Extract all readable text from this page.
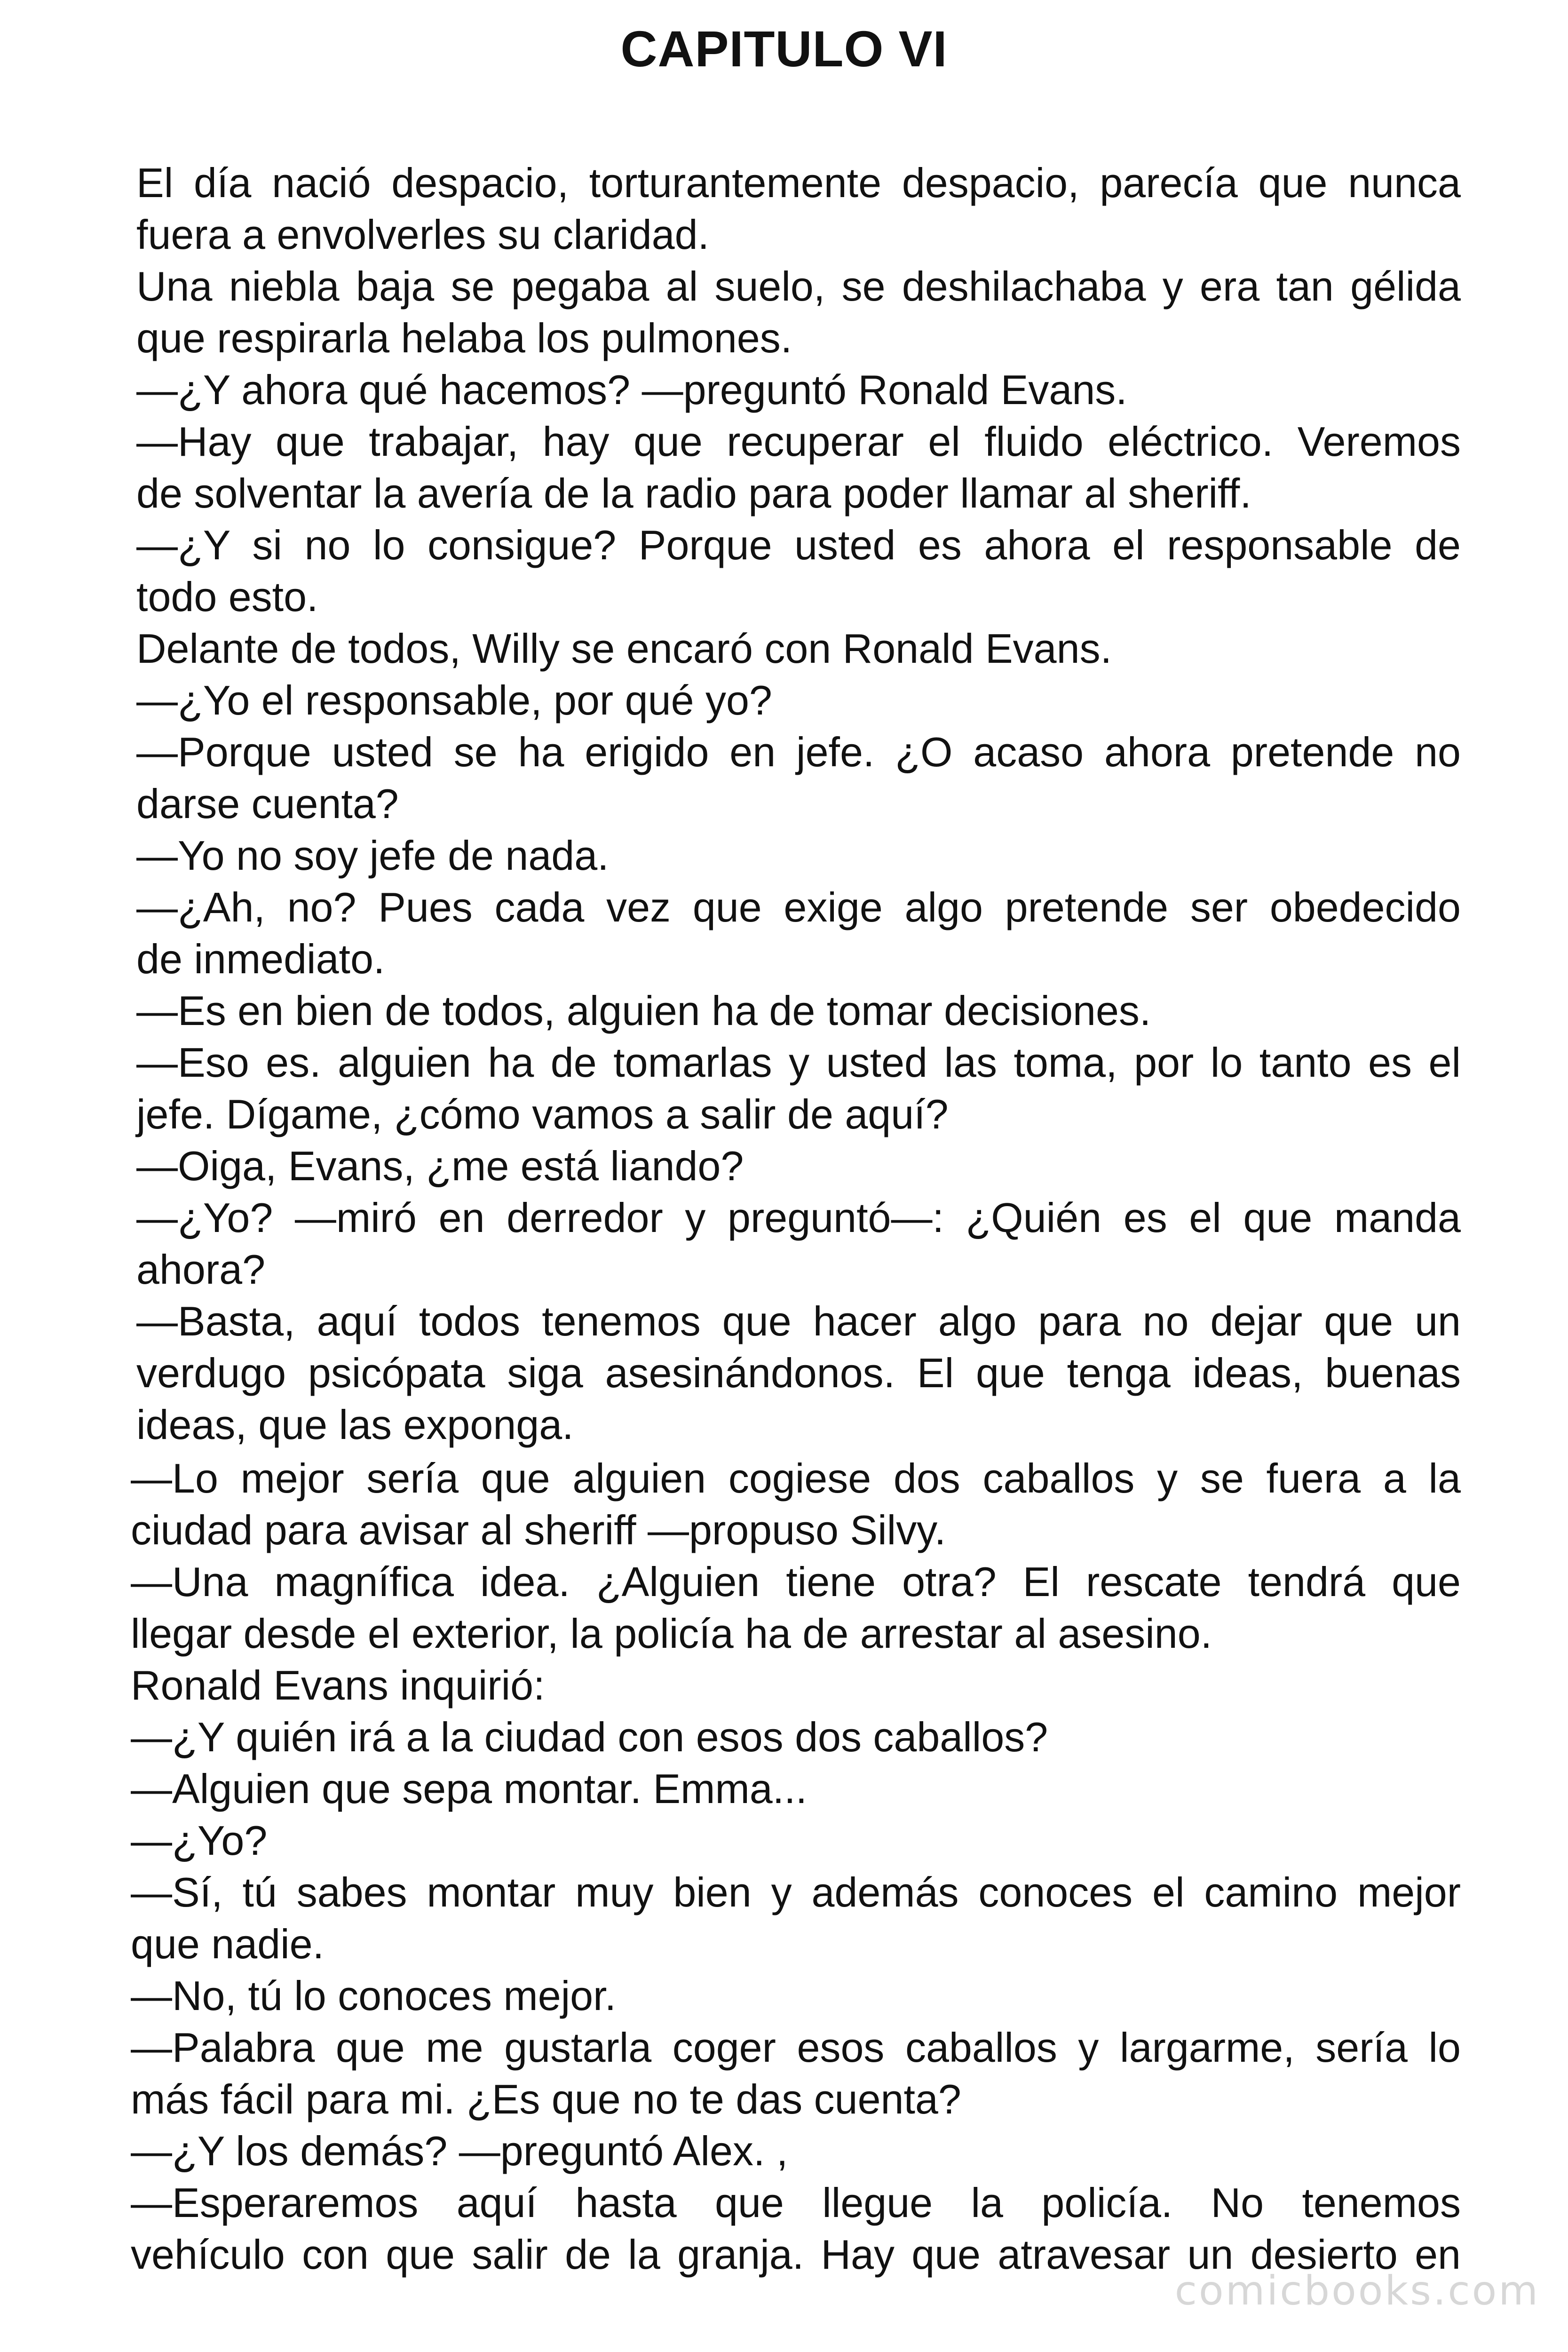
CAPITULO VI
El día nació despacio, torturantemente despacio, parecía que nunca
fuera a envolverles su claridad.
Una niebla baja se pegaba al suelo, se deshilachaba y era tan gélida
que respirarla helaba los pulmones.
—¿Y ahora qué hacemos? —preguntó Ronald Evans.
—Hay que trabajar, hay que recuperar el fluido eléctrico. Veremos
de solventar la avería de la radio para poder llamar al sheriff.
—¿Y si no lo consigue? Porque usted es ahora el responsable de
todo esto.
Delante de todos, Willy se encaró con Ronald Evans.
—¿Yo el responsable, por qué yo?
—Porque usted se ha erigido en jefe. ¿O acaso ahora pretende no
darse cuenta?
—Yo no soy jefe de nada.
—¿Ah, no? Pues cada vez que exige algo pretende ser obedecido
de inmediato.
—Es en bien de todos, alguien ha de tomar decisiones.
—Eso es. alguien ha de tomarlas y usted las toma, por lo tanto es el
jefe. Dígame, ¿cómo vamos a salir de aquí?
—Oiga, Evans, ¿me está liando?
—¿Yo? —miró en derredor y preguntó—: ¿Quién es el que manda
ahora?
—Basta, aquí todos tenemos que hacer algo para no dejar que un
verdugo psicópata siga asesinándonos. El que tenga ideas, buenas
ideas, que las exponga.
—Lo mejor sería que alguien cogiese dos caballos y se fuera a la
ciudad para avisar al sheriff —propuso Silvy.
—Una magnífica idea. ¿Alguien tiene otra? El rescate tendrá que
llegar desde el exterior, la policía ha de arrestar al asesino.
Ronald Evans inquirió:
—¿Y quién irá a la ciudad con esos dos caballos?
—Alguien que sepa montar. Emma...
—¿Yo?
—Sí, tú sabes montar muy bien y además conoces el camino mejor
que nadie.
—No, tú lo conoces mejor.
—Palabra que me gustarla coger esos caballos y largarme, sería lo
más fácil para mi. ¿Es que no te das cuenta?
—¿Y los demás? —preguntó Alex. ,
—Esperaremos aquí hasta que llegue la policía. No tenemos
vehículo con que salir de la granja. Hay que atravesar un desierto en
comicbooks.com
